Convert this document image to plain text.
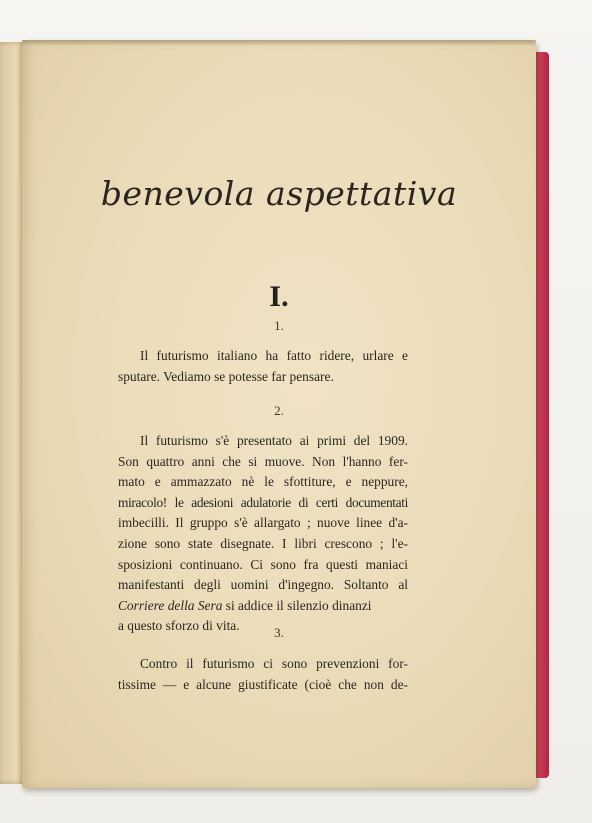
benevola aspettativa
I.
1.
Il futurismo italiano ha fatto ridere, urlare e
sputare. Vediamo se potesse far pensare.
2.
Il futurismo s'è presentato ai primi del 1909.
Son quattro anni che si muove. Non l'hanno fer-
mato e ammazzato nè le sfottiture, e neppure,
miracolo! le adesioni adulatorie di certi documentati
imbecilli. Il gruppo s'è allargato ; nuove linee d'a-
zione sono state disegnate. I libri crescono ; l'e-
sposizioni continuano. Ci sono fra questi maniaci
manifestanti degli uomini d'ingegno. Soltanto al
Corriere della Sera si addice il silenzio dinanzi
a questo sforzo di vita.	3.
Contro il futurismo ci sono prevenzioni for-
tissime — e alcune giustificate (cioè che non de-
